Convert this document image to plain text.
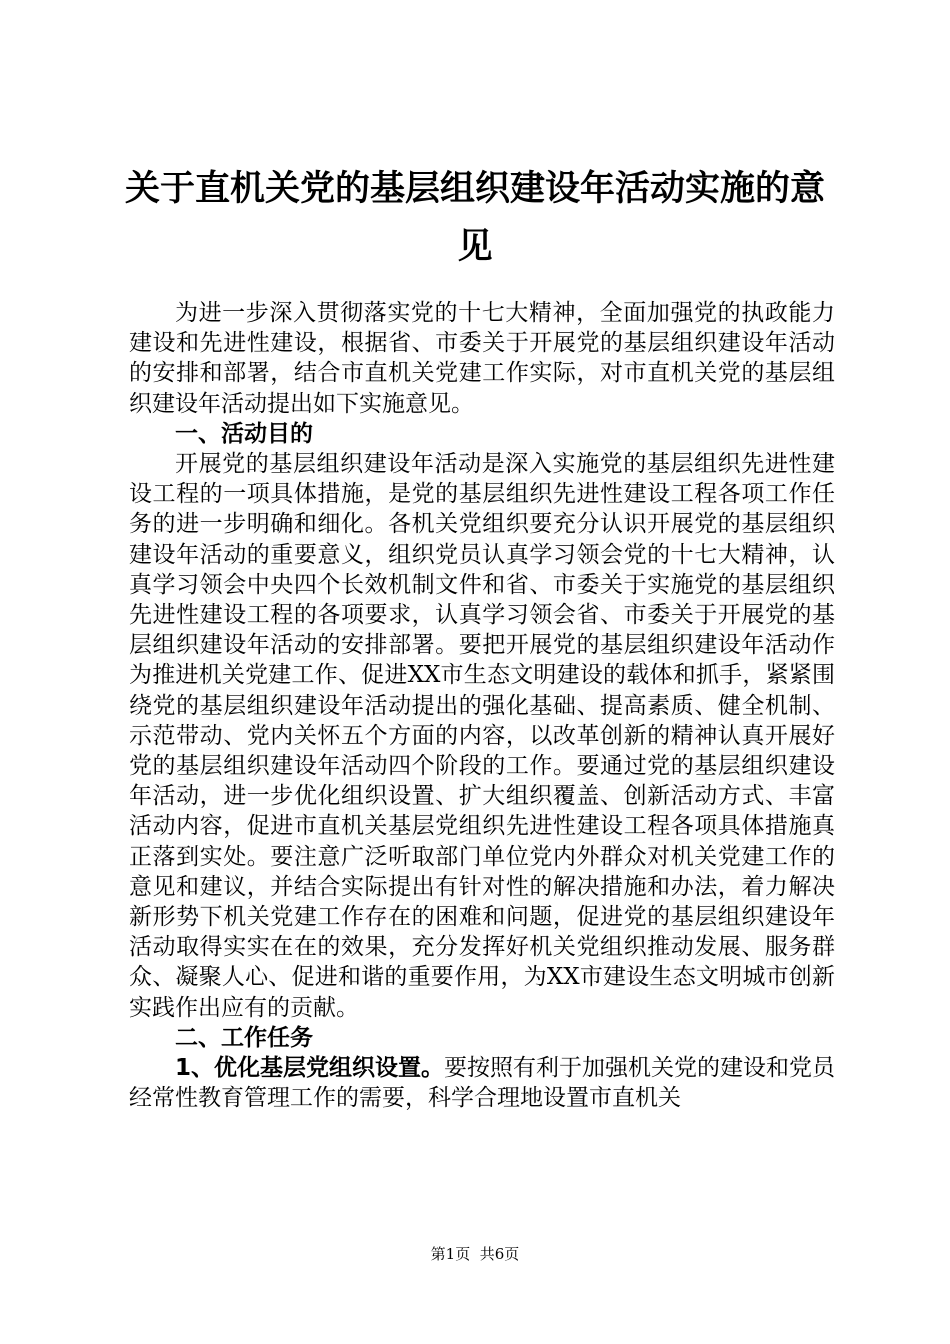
关于直机关党的基层组织建设年活动实施的意见

为进一步深入贯彻落实党的十七大精神，全面加强党的执政能力建设和先进性建设，根据省、市委关于开展党的基层组织建设年活动的安排和部署，结合市直机关党建工作实际，对市直机关党的基层组织建设年活动提出如下实施意见。

一、活动目的

开展党的基层组织建设年活动是深入实施党的基层组织先进性建设工程的一项具体措施，是党的基层组织先进性建设工程各项工作任务的进一步明确和细化。各机关党组织要充分认识开展党的基层组织建设年活动的重要意义，组织党员认真学习领会党的十七大精神，认真学习领会中央四个长效机制文件和省、市委关于实施党的基层组织先进性建设工程的各项要求，认真学习领会省、市委关于开展党的基层组织建设年活动的安排部署。要把开展党的基层组织建设年活动作为推进机关党建工作、促进XX市生态文明建设的载体和抓手，紧紧围绕党的基层组织建设年活动提出的强化基础、提高素质、健全机制、示范带动、党内关怀五个方面的内容，以改革创新的精神认真开展好党的基层组织建设年活动四个阶段的工作。要通过党的基层组织建设年活动，进一步优化组织设置、扩大组织覆盖、创新活动方式、丰富活动内容，促进市直机关基层党组织先进性建设工程各项具体措施真正落到实处。要注意广泛听取部门单位党内外群众对机关党建工作的意见和建议，并结合实际提出有针对性的解决措施和办法，着力解决新形势下机关党建工作存在的困难和问题，促进党的基层组织建设年活动取得实实在在的效果，充分发挥好机关党组织推动发展、服务群众、凝聚人心、促进和谐的重要作用，为XX市建设生态文明城市创新实践作出应有的贡献。

二、工作任务

1、优化基层党组织设置。要按照有利于加强机关党的建设和党员经常性教育管理工作的需要，科学合理地设置市直机关

第1页 共6页
